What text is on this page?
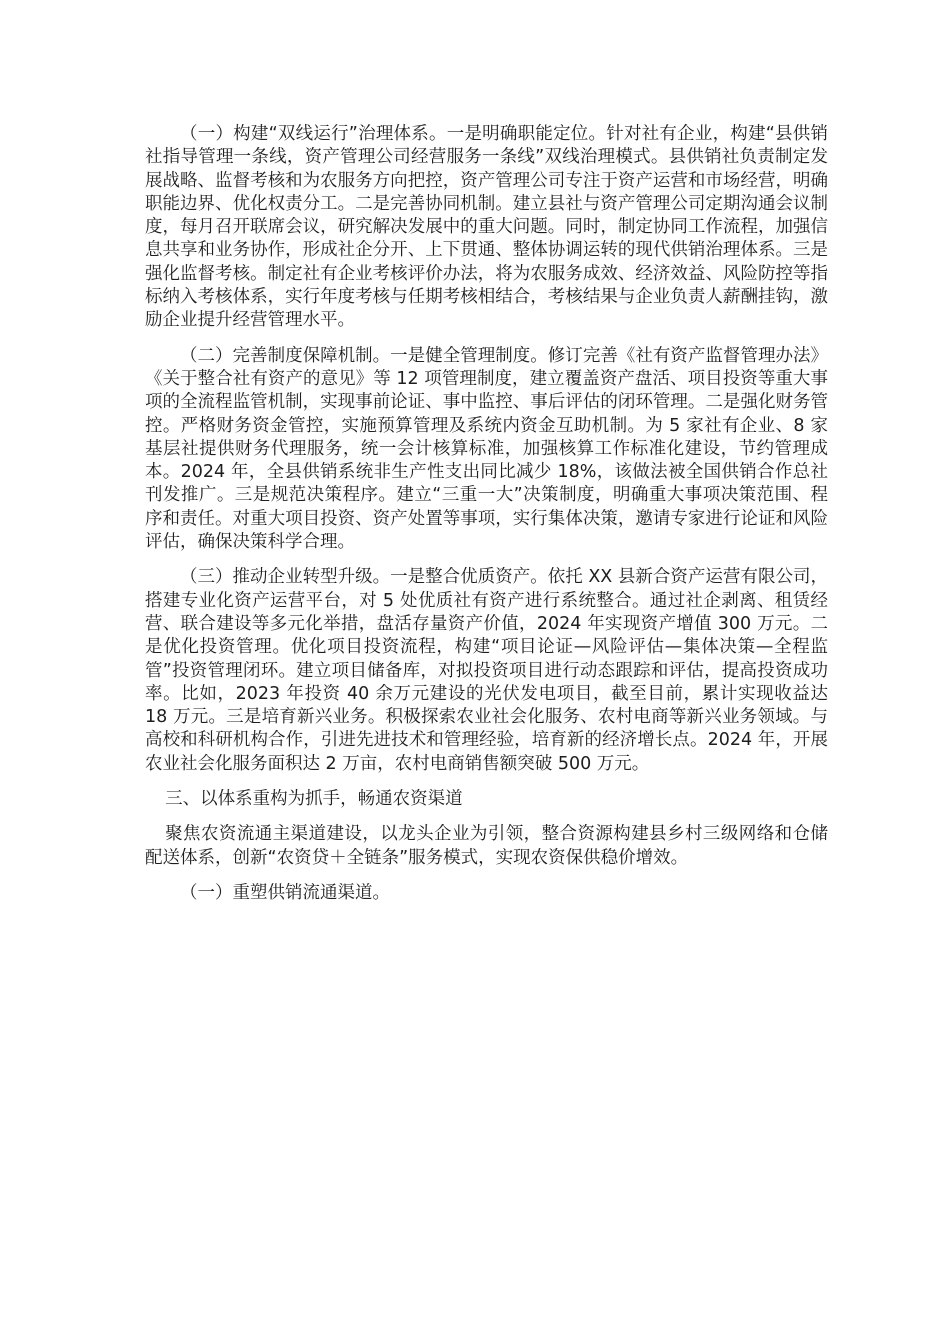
（一）构建“双线运行”治理体系。一是明确职能定位。针对社有企业，构建“县供销社指导管理一条线，资产管理公司经营服务一条线”双线治理模式。县供销社负责制定发展战略、监督考核和为农服务方向把控，资产管理公司专注于资产运营和市场经营，明确职能边界、优化权责分工。二是完善协同机制。建立县社与资产管理公司定期沟通会议制度，每月召开联席会议，研究解决发展中的重大问题。同时，制定协同工作流程，加强信息共享和业务协作，形成社企分开、上下贯通、整体协调运转的现代供销治理体系。三是强化监督考核。制定社有企业考核评价办法，将为农服务成效、经济效益、风险防控等指标纳入考核体系，实行年度考核与任期考核相结合，考核结果与企业负责人薪酬挂钩，激励企业提升经营管理水平。

（二）完善制度保障机制。一是健全管理制度。修订完善《社有资产监督管理办法》《关于整合社有资产的意见》等 12 项管理制度，建立覆盖资产盘活、项目投资等重大事项的全流程监管机制，实现事前论证、事中监控、事后评估的闭环管理。二是强化财务管控。严格财务资金管控，实施预算管理及系统内资金互助机制。为 5 家社有企业、8 家基层社提供财务代理服务，统一会计核算标准，加强核算工作标准化建设，节约管理成本。2024 年，全县供销系统非生产性支出同比减少 18%，该做法被全国供销合作总社刊发推广。三是规范决策程序。建立“三重一大”决策制度，明确重大事项决策范围、程序和责任。对重大项目投资、资产处置等事项，实行集体决策，邀请专家进行论证和风险评估，确保决策科学合理。

（三）推动企业转型升级。一是整合优质资产。依托 XX 县新合资产运营有限公司，搭建专业化资产运营平台，对 5 处优质社有资产进行系统整合。通过社企剥离、租赁经营、联合建设等多元化举措，盘活存量资产价值，2024 年实现资产增值 300 万元。二是优化投资管理。优化项目投资流程，构建“项目论证—风险评估—集体决策—全程监管”投资管理闭环。建立项目储备库，对拟投资项目进行动态跟踪和评估，提高投资成功率。比如，2023 年投资 40 余万元建设的光伏发电项目，截至目前，累计实现收益达 18 万元。三是培育新兴业务。积极探索农业社会化服务、农村电商等新兴业务领域。与高校和科研机构合作，引进先进技术和管理经验，培育新的经济增长点。2024 年，开展农业社会化服务面积达 2 万亩，农村电商销售额突破 500 万元。

三、以体系重构为抓手，畅通农资渠道

聚焦农资流通主渠道建设，以龙头企业为引领，整合资源构建县乡村三级网络和仓储配送体系，创新“农资贷＋全链条”服务模式，实现农资保供稳价增效。

（一）重塑供销流通渠道。
